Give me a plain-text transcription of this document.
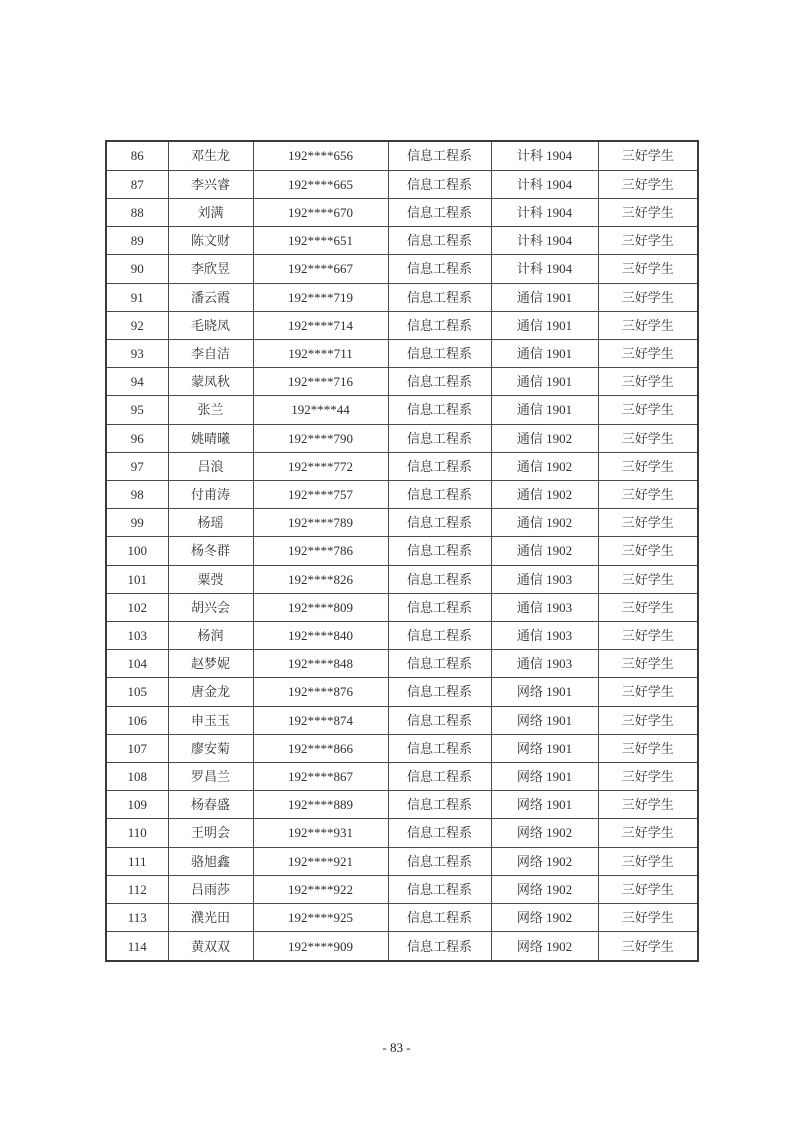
86	邓生龙	192****656	信息工程系	计科 1904	三好学生
87	李兴睿	192****665	信息工程系	计科 1904	三好学生
88	刘满	192****670	信息工程系	计科 1904	三好学生
89	陈文财	192****651	信息工程系	计科 1904	三好学生
90	李欣昱	192****667	信息工程系	计科 1904	三好学生
91	潘云霞	192****719	信息工程系	通信 1901	三好学生
92	毛晓凤	192****714	信息工程系	通信 1901	三好学生
93	李自洁	192****711	信息工程系	通信 1901	三好学生
94	蒙凤秋	192****716	信息工程系	通信 1901	三好学生
95	张兰	192****44	信息工程系	通信 1901	三好学生
96	姚晴曦	192****790	信息工程系	通信 1902	三好学生
97	吕浪	192****772	信息工程系	通信 1902	三好学生
98	付甫涛	192****757	信息工程系	通信 1902	三好学生
99	杨瑶	192****789	信息工程系	通信 1902	三好学生
100	杨冬群	192****786	信息工程系	通信 1902	三好学生
101	粟弢	192****826	信息工程系	通信 1903	三好学生
102	胡兴会	192****809	信息工程系	通信 1903	三好学生
103	杨润	192****840	信息工程系	通信 1903	三好学生
104	赵梦妮	192****848	信息工程系	通信 1903	三好学生
105	唐金龙	192****876	信息工程系	网络 1901	三好学生
106	申玉玉	192****874	信息工程系	网络 1901	三好学生
107	廖安菊	192****866	信息工程系	网络 1901	三好学生
108	罗昌兰	192****867	信息工程系	网络 1901	三好学生
109	杨春盛	192****889	信息工程系	网络 1901	三好学生
110	王明会	192****931	信息工程系	网络 1902	三好学生
111	骆旭鑫	192****921	信息工程系	网络 1902	三好学生
112	吕雨莎	192****922	信息工程系	网络 1902	三好学生
113	濮光田	192****925	信息工程系	网络 1902	三好学生
114	黄双双	192****909	信息工程系	网络 1902	三好学生
- 83 -
